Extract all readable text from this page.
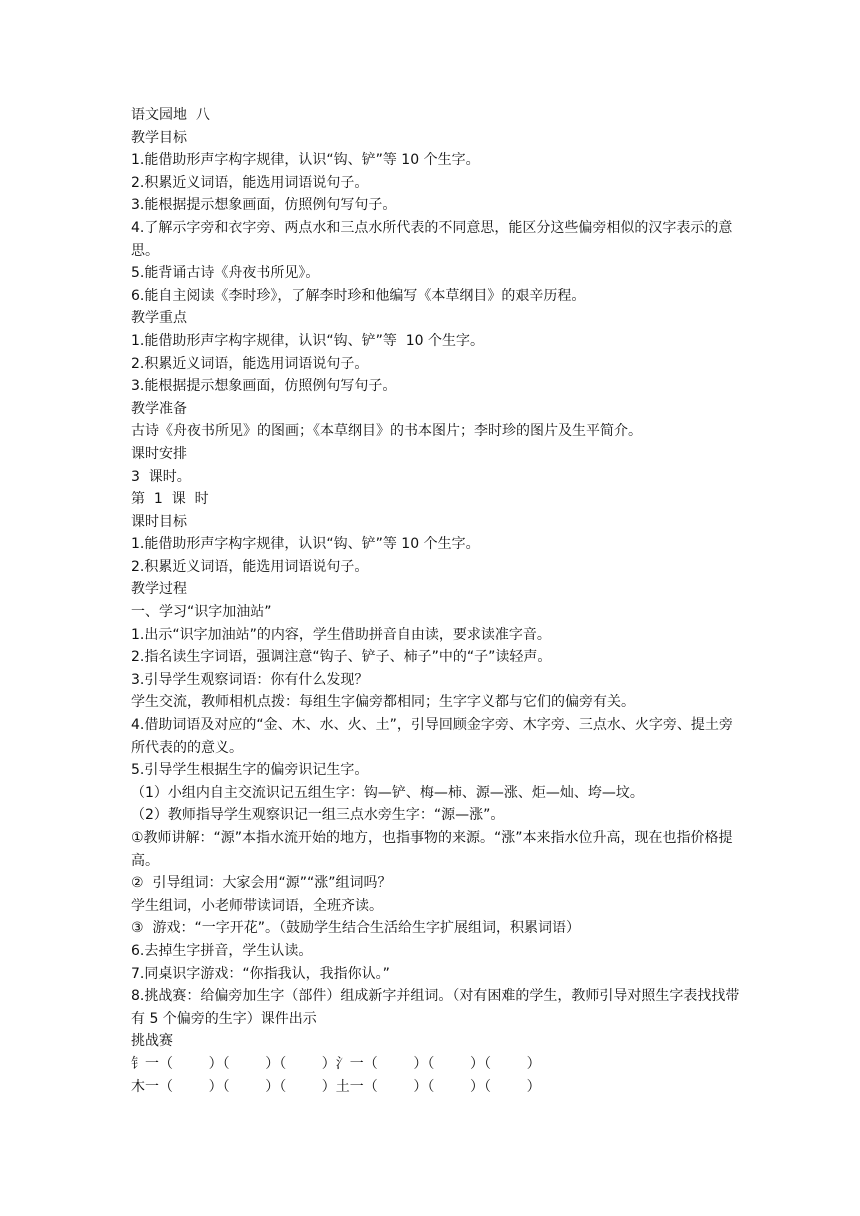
语文园地  八
教学目标
1.能借助形声字构字规律，认识“钩、铲”等 10 个生字。
2.积累近义词语，能选用词语说句子。
3.能根据提示想象画面，仿照例句写句子。
4.了解示字旁和衣字旁、两点水和三点水所代表的不同意思，能区分这些偏旁相似的汉字表示的意思。
5.能背诵古诗《舟夜书所见》。
6.能自主阅读《李时珍》，了解李时珍和他编写《本草纲目》的艰辛历程。
教学重点
1.能借助形声字构字规律，认识“钩、铲”等  10 个生字。
2.积累近义词语，能选用词语说句子。
3.能根据提示想象画面，仿照例句写句子。
教学准备
古诗《舟夜书所见》的图画；《本草纲目》的书本图片；李时珍的图片及生平简介。
课时安排
3  课时。
第  1  课  时
课时目标
1.能借助形声字构字规律，认识“钩、铲”等 10 个生字。
2.积累近义词语，能选用词语说句子。
教学过程
一、学习“识字加油站”
1.出示“识字加油站”的内容，学生借助拼音自由读，要求读准字音。
2.指名读生字词语，强调注意“钩子、铲子、柿子”中的“子”读轻声。
3.引导学生观察词语：你有什么发现？
学生交流，教师相机点拨：每组生字偏旁都相同；生字字义都与它们的偏旁有关。
4.借助词语及对应的“金、木、水、火、土”，引导回顾金字旁、木字旁、三点水、火字旁、提土旁所代表的的意义。
5.引导学生根据生字的偏旁识记生字。
（1）小组内自主交流识记五组生字：钩—铲、梅—柿、源—涨、炬—灿、垮—坟。
（2）教师指导学生观察识记一组三点水旁生字：“源—涨”。
①教师讲解：“源”本指水流开始的地方，也指事物的来源。“涨”本来指水位升高，现在也指价格提高。
②  引导组词：大家会用“源”“涨”组词吗？
学生组词，小老师带读词语，全班齐读。
③  游戏：“一字开花”。（鼓励学生结合生活给生字扩展组词，积累词语）
6.去掉生字拼音，学生认读。
7.同桌识字游戏：“你指我认，我指你认。”
8.挑战赛：给偏旁加生字（部件）组成新字并组词。（对有困难的学生，教师引导对照生字表找找带有 5 个偏旁的生字）课件出示
挑战赛
钅一（        ）（        ）（        ）氵一（        ）（        ）（        ）
木一（        ）（        ）（        ）土一（        ）（        ）（        ）
